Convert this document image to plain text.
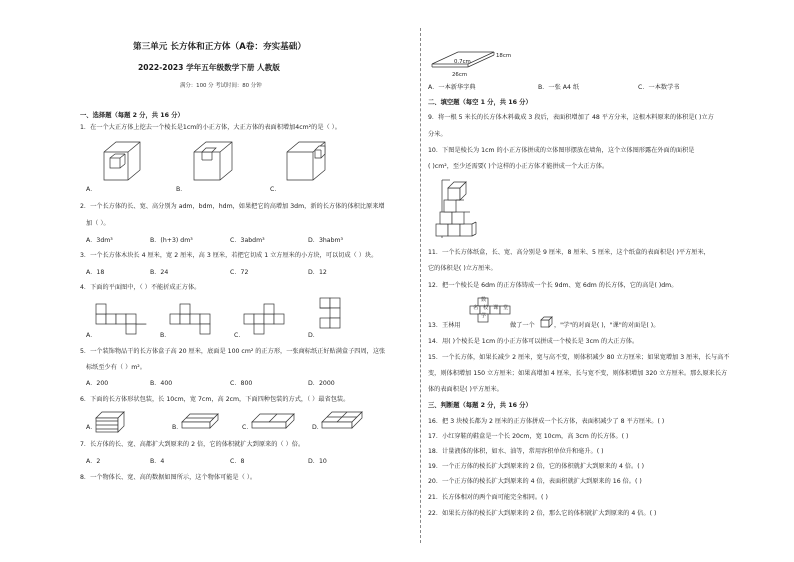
第三单元 长方体和正方体（A卷：夯实基础）
2022-2023 学年五年级数学下册 人教版
满分：100 分 考试时间：80 分钟
一、选择题（每题 2 分，共 16 分）
1．在一个大正方体上挖去一个棱长是1cm的小正方体，大正方体的表面积增加4cm²的是（ ）。
A．	B．	C．
2．一个长方体的长、宽、高分别为 adm，bdm，hdm，如果把它的高增加 3dm，新的长方体的体积比原来增
加（ ）。
A．3dm³	B．(h+3) dm³	C．3abdm³	D．3habm³
3．一个长方体木块长 4 厘米，宽 2 厘米，高 3 厘米，若把它切成 1 立方厘米的小方块，可以切成（ ）块。
A．18	B．24	C．72	D．12
4．下面的平面图中，（ ）不能折成正方体。
A．	B．	C．	D．
5．一个装饰物品干的长方体盒子高 20 厘米，底面是 100 cm² 的正方形，一张商标纸正好贴满盒子四周，这张
标纸至少有（ ）m²。
A．200	B．400	C．800	D．2000
6．下面的长方体形状包装，长 10cm，宽 7cm，高 2cm，下面四种包装的方式，（ ）最省包装。
A．	B．	C．	D．
7．长方体的长、宽、高都扩大到原来的 2 倍，它的体积就扩大到原来的（ ）倍。
A．2	B．4	C．8	D．10
8．一个物体长、宽、高的数据如图所示，这个物体可能是（ ）。
0.7cm
18cm
26cm
A．一本新华字典	B．一张 A4 纸	C．一本数学书
二、填空题（每空 1 分，共 16 分）
9．将一根 5 米长的长方体木料截成 3 段后，表面积增加了 48 平方分米，这根木料原来的体积是( )立方
分米。
10．下图是棱长为 1cm 的小正方体拼成的立体图形摆放在墙角，这个立体图形露在外面的面积是
( )cm²，至少还需要( )个这样的小正方体才能拼成一个大正方体。
11．一个长方体纸盒，长、宽、高分别是 9 厘米，8 厘米、5 厘米，这个纸盒的表面积是( )平方厘米，
它的体积是( )立方厘米。
12．把一个棱长是 6dm 的正方体铸成一个长 9dm、宽 6dm 的长方体，它的高是( )dm。
数
名 校 课 堂
学
13．王林用	做了一个	，"学"的对面是( )，"课"的对面是( )。
14．用( )个棱长是 1cm 的小正方体可以拼成一个棱长是 3cm 的大正方体。
15．一个长方体，如果长减少 2 厘米，宽与高不变，则体积减少 80 立方厘米；如果宽增加 3 厘米，长与高不
变，则体积增加 150 立方厘米；如果高增加 4 厘米，长与宽不变，则体积增加 320 立方厘米。那么原来长方
体的表面积是( )平方厘米。
三、判断题（每题 2 分，共 16 分）
16．把 3 块棱长都为 2 厘米的正方体拼成一个长方体，表面积减少了 8 平方厘米。( )
17．小红穿鞋的鞋盒是一个长 20cm，宽 10cm，高 3cm 的长方体。( )
18．计量液体的体积，如水、油等，常用容积单位升和毫升。( )
19．一个正方体的棱长扩大到原来的 2 倍，它的体积就扩大到原来的 4 倍。( )
20．一个正方体的棱长扩大到原来的 4 倍，表面积就扩大到原来的 16 倍。( )
21．长方体相对的两个面可能完全相同。( )
22．如果长方体的棱长扩大到原来的 2 倍，那么它的体积就扩大到原来的 4 倍。( )
